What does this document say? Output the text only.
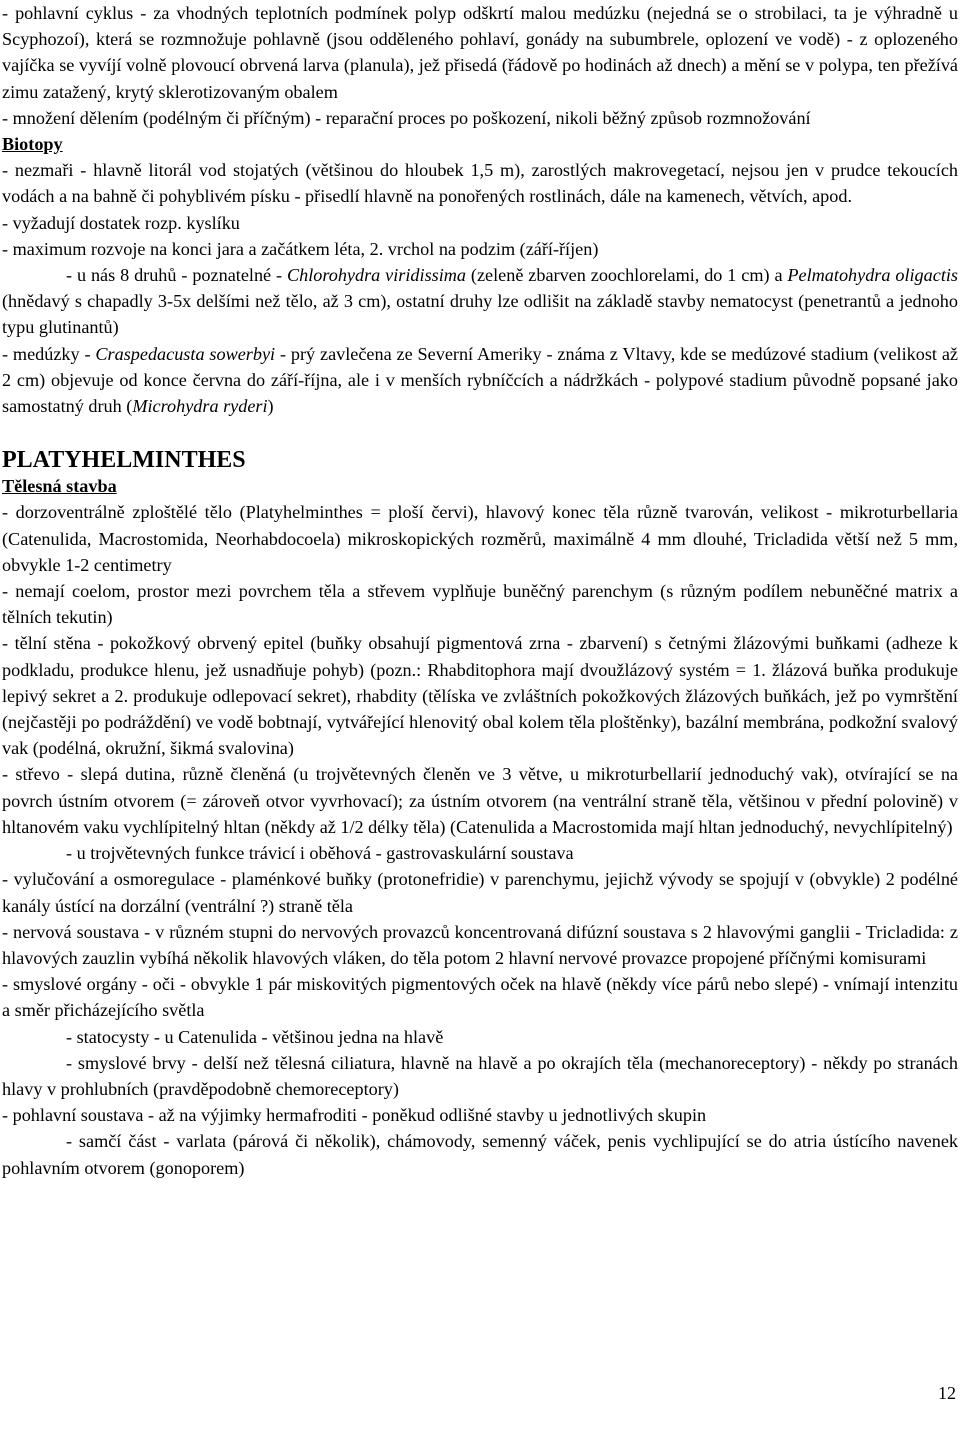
- pohlavní cyklus - za vhodných teplotních podmínek polyp odškrtí malou medúzku (nejedná se o strobilaci, ta je výhradně u Scyphozoí), která se rozmnožuje pohlavně (jsou odděleného pohlaví, gonády na subumbrele, oplození ve vodě) - z oplozeného vajíčka se vyvíjí volně plovoucí obrvená larva (planula), jež přisedá (řádově po hodinách až dnech) a mění se v polypa, ten přežívá zimu zatažený, krytý sklerotizovaným obalem

- množení dělením (podélným či příčným) - reparační proces po poškození, nikoli běžný způsob rozmnožování

Biotopy

- nezmaři - hlavně litorál vod stojatých (většinou do hloubek 1,5 m), zarostlých makrovegetací, nejsou jen v prudce tekoucích vodách a na bahně či pohyblivém písku - přisedlí hlavně na ponořených rostlinách, dále na kamenech, větvích, apod.

- vyžadují dostatek rozp. kyslíku

- maximum rozvoje na konci jara a začátkem léta, 2. vrchol na podzim (září-říjen)

- u nás 8 druhů - poznatelné - Chlorohydra viridissima (zeleně zbarven zoochlorelami, do 1 cm) a Pelmatohydra oligactis (hnědavý s chapadly 3-5x delšími než tělo, až 3 cm), ostatní druhy lze odlišit na základě stavby nematocyst (penetrantů a jednoho typu glutinantů)

- medúzky - Craspedacusta sowerbyi - prý zavlečena ze Severní Ameriky - známa z Vltavy, kde se medúzové stadium (velikost až 2 cm) objevuje od konce června do září-října, ale i v menších rybníčcích a nádržkách - polypové stadium původně popsané jako samostatný druh (Microhydra ryderi)

PLATYHELMINTHES

Tělesná stavba

- dorzoventrálně zploštělé tělo (Platyhelminthes = ploší červi), hlavový konec těla různě tvarován, velikost - mikroturbellaria (Catenulida, Macrostomida, Neorhabdocoela) mikroskopických rozměrů, maximálně 4 mm dlouhé, Tricladida větší než 5 mm, obvykle 1-2 centimetry

- nemají coelom, prostor mezi povrchem těla a střevem vyplňuje buněčný parenchym (s různým podílem nebuněčné matrix a tělních tekutin)

- tělní stěna - pokožkový obrvený epitel (buňky obsahují pigmentová zrna - zbarvení) s četnými žlázovými buňkami (adheze k podkladu, produkce hlenu, jež usnadňuje pohyb) (pozn.: Rhabditophora mají dvoužlázový systém = 1. žlázová buňka produkuje lepivý sekret a 2. produkuje odlepovací sekret), rhabdity (tělíska ve zvláštních pokožkových žlázových buňkách, jež po vymrštění (nejčastěji po podráždění) ve vodě bobtnají, vytvářející hlenovitý obal kolem těla ploštěnky), bazální membrána, podkožní svalový vak (podélná, okružní, šikmá svalovina)

- střevo - slepá dutina, různě členěná (u trojvětevných členěn ve 3 větve, u mikroturbellarií jednoduchý vak), otvírající se na povrch ústním otvorem (= zároveň otvor vyvrhovací); za ústním otvorem (na ventrální straně těla, většinou v přední polovině) v hltanovém vaku vychlípitelný hltan (někdy až 1/2 délky těla) (Catenulida a Macrostomida mají hltan jednoduchý, nevychlípitelný)

- u trojvětevných funkce trávicí i oběhová - gastrovaskulární soustava

- vylučování a osmoregulace - plaménkové buňky (protonefridie) v parenchymu, jejichž vývody se spojují v (obvykle) 2 podélné kanály ústící na dorzální (ventrální ?) straně těla

- nervová soustava - v různém stupni do nervových provazců koncentrovaná difúzní soustava s 2 hlavovými ganglii - Tricladida: z hlavových zauzlin vybíhá několik hlavových vláken, do těla potom 2 hlavní nervové provazce propojené příčnými komisurami

- smyslové orgány - oči - obvykle 1 pár miskovitých pigmentových oček na hlavě (někdy více párů nebo slepé) - vnímají intenzitu a směr přicházejícího světla

- statocysty - u Catenulida - většinou jedna na hlavě

- smyslové brvy - delší než tělesná ciliatura, hlavně na hlavě a po okrajích těla (mechanoreceptory) - někdy po stranách hlavy v prohlubních (pravděpodobně chemoreceptory)

- pohlavní soustava - až na výjimky hermafroditi - poněkud odlišné stavby u jednotlivých skupin

- samčí část - varlata (párová či několik), chámovody, semenný váček, penis vychlipující se do atria ústícího navenek pohlavním otvorem (gonoporem)

12
